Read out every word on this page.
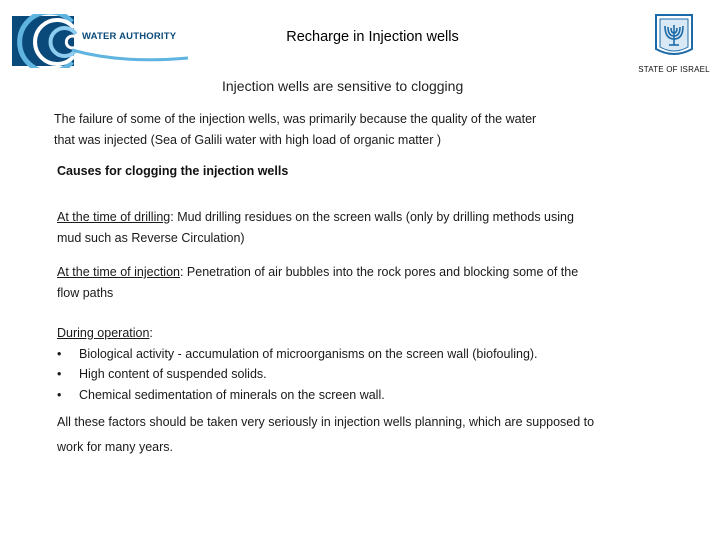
WATER AUTHORITY	Recharge in Injection wells
STATE OF ISRAEL
Injection wells are sensitive to clogging
The failure of some of the injection wells, was primarily because the quality of the water
that was injected (Sea of Galili water with high load of organic matter )
Causes for clogging the injection wells
At the time of drilling: Mud drilling residues on the screen walls (only by drilling methods using
mud such as Reverse Circulation)
At the time of injection: Penetration of air bubbles into the rock pores and blocking some of the
flow paths
During operation:
• Biological activity - accumulation of microorganisms on the screen wall (biofouling).
• High content of suspended solids.
• Chemical sedimentation of minerals on the screen wall.
All these factors should be taken very seriously in injection wells planning, which are supposed to
work for many years.
